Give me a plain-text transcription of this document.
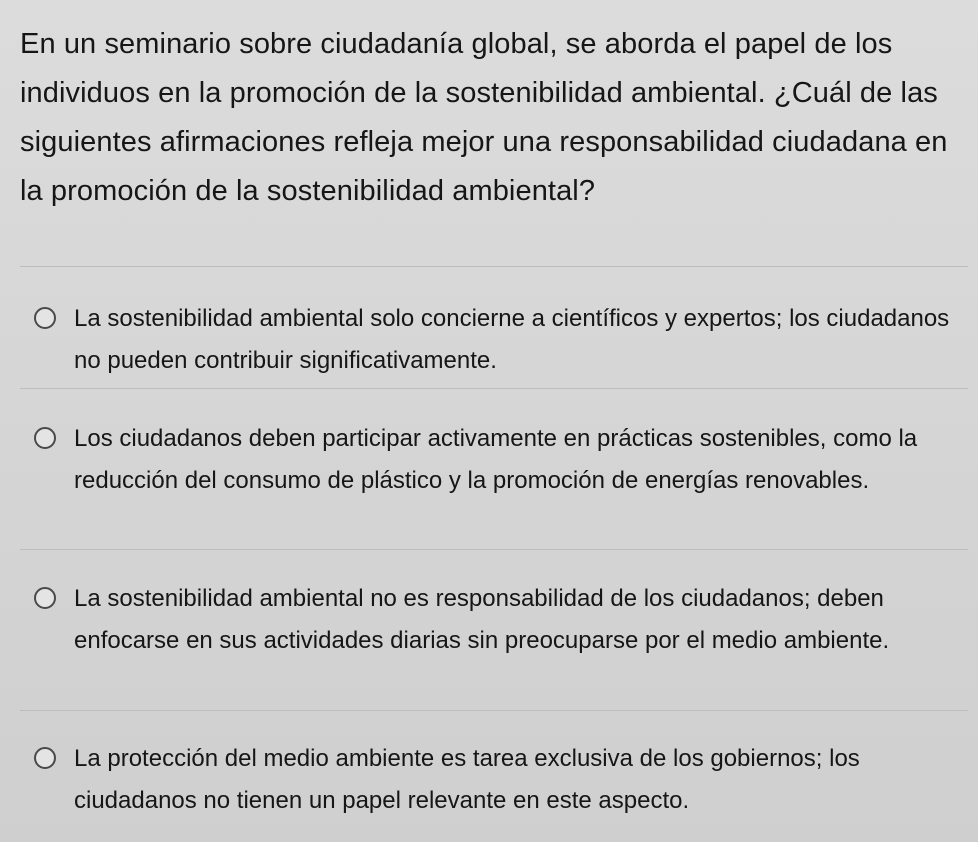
En un seminario sobre ciudadanía global, se aborda el papel de los individuos en la promoción de la sostenibilidad ambiental. ¿Cuál de las siguientes afirmaciones refleja mejor una responsabilidad ciudadana en la promoción de la sostenibilidad ambiental?
La sostenibilidad ambiental solo concierne a científicos y expertos; los ciudadanos no pueden contribuir significativamente.
Los ciudadanos deben participar activamente en prácticas sostenibles, como la reducción del consumo de plástico y la promoción de energías renovables.
La sostenibilidad ambiental no es responsabilidad de los ciudadanos; deben enfocarse en sus actividades diarias sin preocuparse por el medio ambiente.
La protección del medio ambiente es tarea exclusiva de los gobiernos; los ciudadanos no tienen un papel relevante en este aspecto.
